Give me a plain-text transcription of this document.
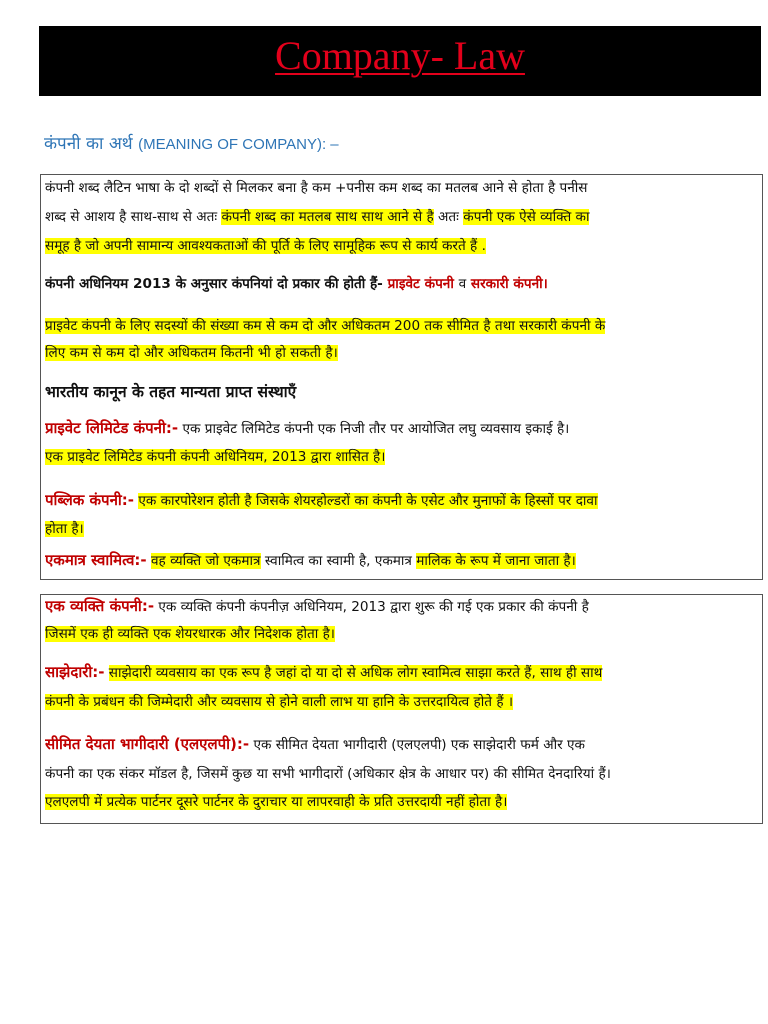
Company- Law
कंपनी का अर्थ (MEANING OF COMPANY): –
कंपनी शब्द लैटिन भाषा के दो शब्दों से मिलकर बना है कम +पनीस कम शब्द का मतलब आने से होता है पनीस
शब्द से आशय है साथ-साथ से अतः कंपनी शब्द का मतलब साथ साथ आने से है अतः कंपनी एक ऐसे व्यक्ति का
समूह है जो अपनी सामान्य आवश्यकताओं की पूर्ति के लिए सामूहिक रूप से कार्य करते हैं .
कंपनी अधिनियम 2013 के अनुसार कंपनियां दो प्रकार की होती हैं- प्राइवेट कंपनी व सरकारी कंपनी।
प्राइवेट कंपनी के लिए सदस्यों की संख्या कम से कम दो और अधिकतम 200 तक सीमित है तथा सरकारी कंपनी के
लिए कम से कम दो और अधिकतम कितनी भी हो सकती है।
भारतीय कानून के तहत मान्यता प्राप्त संस्थाएँ
प्राइवेट लिमिटेड कंपनी:- एक प्राइवेट लिमिटेड कंपनी एक निजी तौर पर आयोजित लघु व्यवसाय इकाई है।
एक प्राइवेट लिमिटेड कंपनी कंपनी अधिनियम, 2013 द्वारा शासित है।
पब्लिक कंपनी:- एक कारपोरेशन होती है जिसके शेयरहोल्डरों का कंपनी के एसेट और मुनाफों के हिस्सों पर दावा
होता है।
एकमात्र स्वामित्व:- वह व्यक्ति जो एकमात्र स्वामित्व का स्वामी है, एकमात्र मालिक के रूप में जाना जाता है।
एक व्यक्ति कंपनी:- एक व्यक्ति कंपनी कंपनीज़ अधिनियम, 2013 द्वारा शुरू की गई एक प्रकार की कंपनी है
जिसमें एक ही व्यक्ति एक शेयरधारक और निदेशक होता है।
साझेदारी:- साझेदारी व्यवसाय का एक रूप है जहां दो या दो से अधिक लोग स्वामित्व साझा करते हैं, साथ ही साथ
कंपनी के प्रबंधन की जिम्मेदारी और व्यवसाय से होने वाली लाभ या हानि के उत्तरदायित्व होते हैं ।
सीमित देयता भागीदारी (एलएलपी):- एक सीमित देयता भागीदारी (एलएलपी) एक साझेदारी फर्म और एक
कंपनी का एक संकर मॉडल है, जिसमें कुछ या सभी भागीदारों (अधिकार क्षेत्र के आधार पर) की सीमित देनदारियां हैं।
एलएलपी में प्रत्येक पार्टनर दूसरे पार्टनर के दुराचार या लापरवाही के प्रति उत्तरदायी नहीं होता है।
